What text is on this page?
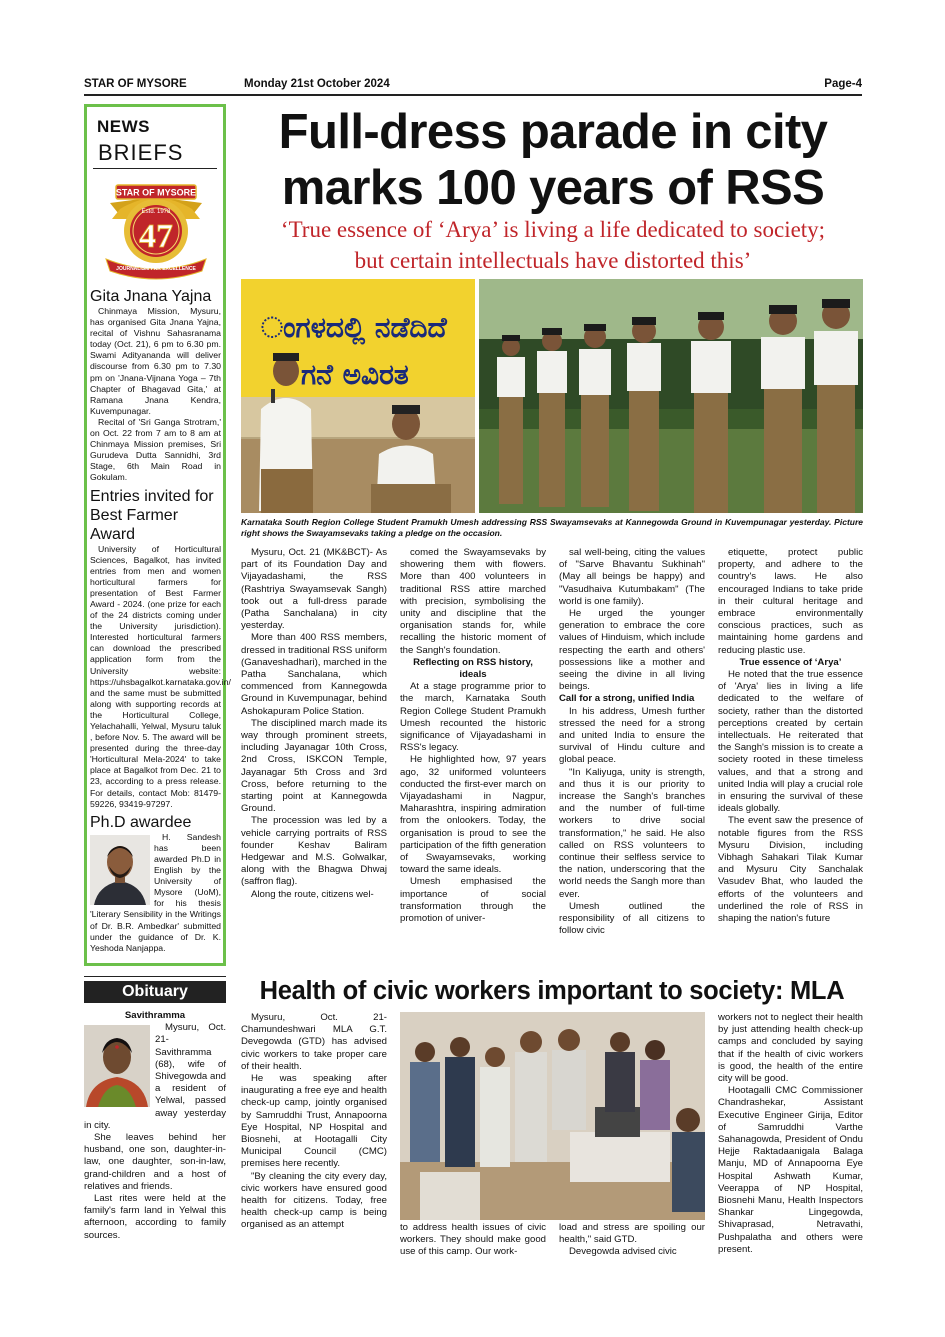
STAR OF MYSORE	Monday 21st October 2024	Page-4
NEWS
BRIEFS
STAR OF MYSORE
Estd. 1978
47
JOURNALISM PAR EXCELLENCE
Gita Jnana Yajna

Chinmaya Mission, Mysuru, has organised Gita Jnana Yajna, recital of Vishnu Sahasranama today (Oct. 21), 6 pm to 6.30 pm. Swami Adityananda will deliver discourse from 6.30 pm to 7.30 pm on 'Jnana-Vijnana Yoga – 7th Chapter of Bhagavad Gita,' at Ramana Jnana Kendra, Kuvempunagar.

Recital of 'Sri Ganga Strotram,' on Oct. 22 from 7 am to 8 am at Chinmaya Mission premises, Sri Gurudeva Dutta Sannidhi, 3rd Stage, 6th Main Road in Gokulam.

Entries invited for Best Farmer Award

University of Horticultural Sciences, Bagalkot, has invited entries from men and women horticultural farmers for presentation of Best Farmer Award - 2024. (one prize for each of the 24 districts coming under the University jurisdiction). Interested horticultural farmers can download the prescribed application form from the University website: https://uhsbagalkot.karnataka.gov.in/ and the same must be submitted along with supporting records at the Horticultural College, Yelachahalli, Yelwal, Mysuru taluk , before Nov. 5. The award will be presented during the three-day 'Horticultural Mela-2024' to take place at Bagalkot from Dec. 21 to 23, according to a press release. For details, contact Mob: 81479-59226, 93419-97297.

Ph.D awardee

H. Sandesh has been awarded Ph.D in English by the University of Mysore (UoM), for his thesis 'Literary Sensibility in the Writings of Dr. B.R. Ambedkar' submitted under the guidance of Dr. K. Yeshoda Nanjappa.

Full-dress parade in city
marks 100 years of RSS
‘True essence of ‘Arya’ is living a life dedicated to society;
but certain intellectuals have distorted this’
ಂಗಳದಲ್ಲಿ ನಡೆದಿದೆ
ಗನೆ ಅವಿರತ
Karnataka South Region College Student Pramukh Umesh addressing RSS Swayamsevaks at Kannegowda Ground in Kuvempunagar yesterday. Picture right shows the Swayamsevaks taking a pledge on the occasion.

Mysuru, Oct. 21 (MK&BCT)- As part of its Foundation Day and Vijayadashami, the RSS (Rashtriya Swayamsevak Sangh) took out a full-dress parade (Patha Sanchalana) in city yesterday.

More than 400 RSS members, dressed in traditional RSS uniform (Ganaveshadhari), marched in the Patha Sanchalana, which commenced from Kannegowda Ground in Kuvempunagar, behind Ashokapuram Police Station.

The disciplined march made its way through prominent streets, including Jayanagar 10th Cross, 2nd Cross, ISKCON Temple, Jayanagar 5th Cross and 3rd Cross, before returning to the starting point at Kannegowda Ground.

The procession was led by a vehicle carrying portraits of RSS founder Keshav Baliram Hedgewar and M.S. Golwalkar, along with the Bhagwa Dhwaj (saffron flag).

Along the route, citizens wel-

comed the Swayamsevaks by showering them with flowers. More than 400 volunteers in traditional RSS attire marched with precision, symbolising the unity and discipline that the organisation stands for, while recalling the historic moment of the Sangh's foundation.

Reflecting on RSS history, ideals

At a stage programme prior to the march, Karnataka South Region College Student Pramukh Umesh recounted the historic significance of Vijayadashami in RSS's legacy.

He highlighted how, 97 years ago, 32 uniformed volunteers conducted the first-ever march on Vijayadashami in Nagpur, Maharashtra, inspiring admiration from the onlookers. Today, the organisation is proud to see the participation of the fifth generation of Swayamsevaks, working toward the same ideals.

Umesh emphasised the importance of social transformation through the promotion of univer-

sal well-being, citing the values of "Sarve Bhavantu Sukhinah" (May all beings be happy) and "Vasudhaiva Kutumbakam" (The world is one family).

He urged the younger generation to embrace the core values of Hinduism, which include respecting the earth and others' possessions like a mother and seeing the divine in all living beings.

Call for a strong, unified India

In his address, Umesh further stressed the need for a strong and united India to ensure the survival of Hindu culture and global peace.

"In Kaliyuga, unity is strength, and thus it is our priority to increase the Sangh's branches and the number of full-time workers to drive social transformation," he said. He also called on RSS volunteers to continue their selfless service to the nation, underscoring that the world needs the Sangh more than ever.

Umesh outlined the responsibility of all citizens to follow civic

etiquette, protect public property, and adhere to the country's laws. He also encouraged Indians to take pride in their cultural heritage and embrace environmentally conscious practices, such as maintaining home gardens and reducing plastic use.

True essence of ‘Arya’

He noted that the true essence of 'Arya' lies in living a life dedicated to the welfare of society, rather than the distorted perceptions created by certain intellectuals. He reiterated that the Sangh's mission is to create a society rooted in these timeless values, and that a strong and united India will play a crucial role in ensuring the survival of these ideals globally.

The event saw the presence of notable figures from the RSS Mysuru Division, including Vibhagh Sahakari Tilak Kumar and Mysuru City Sanchalak Vasudev Bhat, who lauded the efforts of the volunteers and underlined the role of RSS in shaping the nation's future

Obituary
Savithramma

Mysuru, Oct. 21- Savithramma (68), wife of Shivegowda and a resident of Yelwal, passed away yesterday in city.

She leaves behind her husband, one son, daughter-in-law, one daughter, son-in-law, grand-children and a host of relatives and friends.

Last rites were held at the family's farm land in Yelwal this afternoon, according to family sources.

Health of civic workers important to society: MLA

Mysuru, Oct. 21- Chamundeshwari MLA G.T. Devegowda (GTD) has advised civic workers to take proper care of their health.

He was speaking after inaugurating a free eye and health check-up camp, jointly organised by Samruddhi Trust, Annapoorna Eye Hospital, NP Hospital and Biosnehi, at Hootagalli City Municipal Council (CMC) premises here recently.

"By cleaning the city every day, civic workers have ensured good health for citizens. Today, free health check-up camp is being organised as an attempt	to address health issues of civic workers. They should make good use of this camp. Our work-

load and stress are spoiling our health," said GTD.

Devegowda advised civic

workers not to neglect their health by just attending health check-up camps and concluded by saying that if the health of civic workers is good, the health of the entire city will be good.

Hootagalli CMC Commissioner Chandrashekar, Assistant Executive Engineer Girija, Editor of Samruddhi Varthe Sahanagowda, President of Ondu Hejje Raktadaanigala Balaga Manju, MD of Annapoorna Eye Hospital Ashwath Kumar, Veerappa of NP Hospital, Biosnehi Manu, Health Inspectors Shankar Lingegowda, Shivaprasad, Netravathi, Pushpalatha and others were present.
